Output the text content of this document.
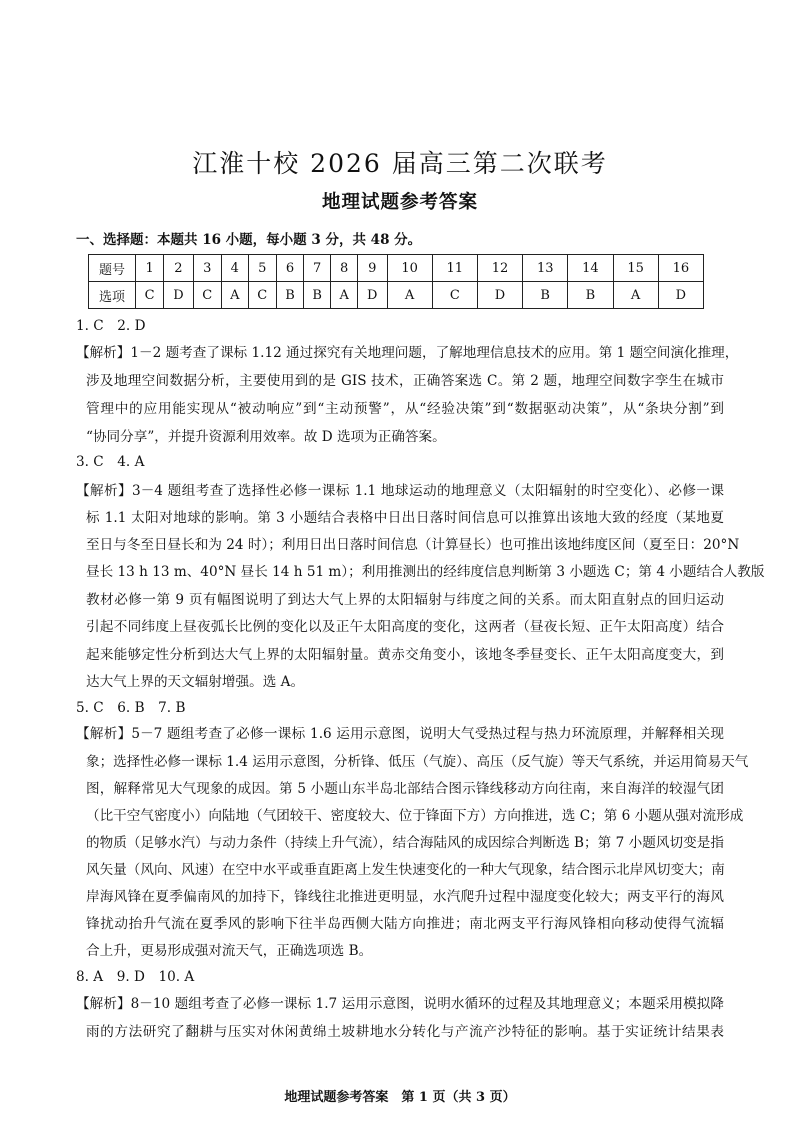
江淮十校 2026 届高三第二次联考
地理试题参考答案
一、选择题：本题共 16 小题，每小题 3 分，共 48 分。
题号	1	2	3	4	5	6	7	8	9	10	11	12	13	14	15	16
选项	C	D	C	A	C	B	B	A	D	A	C	D	B	B	A	D
1. C　2. D
【解析】1－2 题考查了课标 1.12 通过探究有关地理问题，了解地理信息技术的应用。第 1 题空间演化推理，
涉及地理空间数据分析，主要使用到的是 GIS 技术，正确答案选 C。第 2 题，地理空间数字孪生在城市
管理中的应用能实现从“被动响应”到“主动预警”，从“经验决策”到“数据驱动决策”，从“条块分割”到
“协同分享”，并提升资源利用效率。故 D 选项为正确答案。
3. C　4. A
【解析】3－4 题组考查了选择性必修一课标 1.1 地球运动的地理意义（太阳辐射的时空变化）、必修一课
标 1.1 太阳对地球的影响。第 3 小题结合表格中日出日落时间信息可以推算出该地大致的经度（某地夏
至日与冬至日昼长和为 24 时）；利用日出日落时间信息（计算昼长）也可推出该地纬度区间（夏至日：20°N
昼长 13 h 13 m、40°N 昼长 14 h 51 m）；利用推测出的经纬度信息判断第 3 小题选 C；第 4 小题结合人教版
教材必修一第 9 页有幅图说明了到达大气上界的太阳辐射与纬度之间的关系。而太阳直射点的回归运动
引起不同纬度上昼夜弧长比例的变化以及正午太阳高度的变化，这两者（昼夜长短、正午太阳高度）结合
起来能够定性分析到达大气上界的太阳辐射量。黄赤交角变小，该地冬季昼变长、正午太阳高度变大，到
达大气上界的天文辐射增强。选 A。
5. C　6. B　7. B
【解析】5－7 题组考查了必修一课标 1.6 运用示意图，说明大气受热过程与热力环流原理，并解释相关现
象；选择性必修一课标 1.4 运用示意图，分析锋、低压（气旋）、高压（反气旋）等天气系统，并运用简易天气
图，解释常见大气现象的成因。第 5 小题山东半岛北部结合图示锋线移动方向往南，来自海洋的较湿气团
（比干空气密度小）向陆地（气团较干、密度较大、位于锋面下方）方向推进，选 C；第 6 小题从强对流形成
的物质（足够水汽）与动力条件（持续上升气流），结合海陆风的成因综合判断选 B；第 7 小题风切变是指
风矢量（风向、风速）在空中水平或垂直距离上发生快速变化的一种大气现象，结合图示北岸风切变大；南
岸海风锋在夏季偏南风的加持下，锋线往北推进更明显，水汽爬升过程中湿度变化较大；两支平行的海风
锋扰动抬升气流在夏季风的影响下往半岛西侧大陆方向推进；南北两支平行海风锋相向移动使得气流辐
合上升，更易形成强对流天气，正确选项选 B。
8. A　9. D　10. A
【解析】8－10 题组考查了必修一课标 1.7 运用示意图，说明水循环的过程及其地理意义；本题采用模拟降
雨的方法研究了翻耕与压实对休闲黄绵土坡耕地水分转化与产流产沙特征的影响。基于实证统计结果表
地理试题参考答案　第 1 页（共 3 页）
